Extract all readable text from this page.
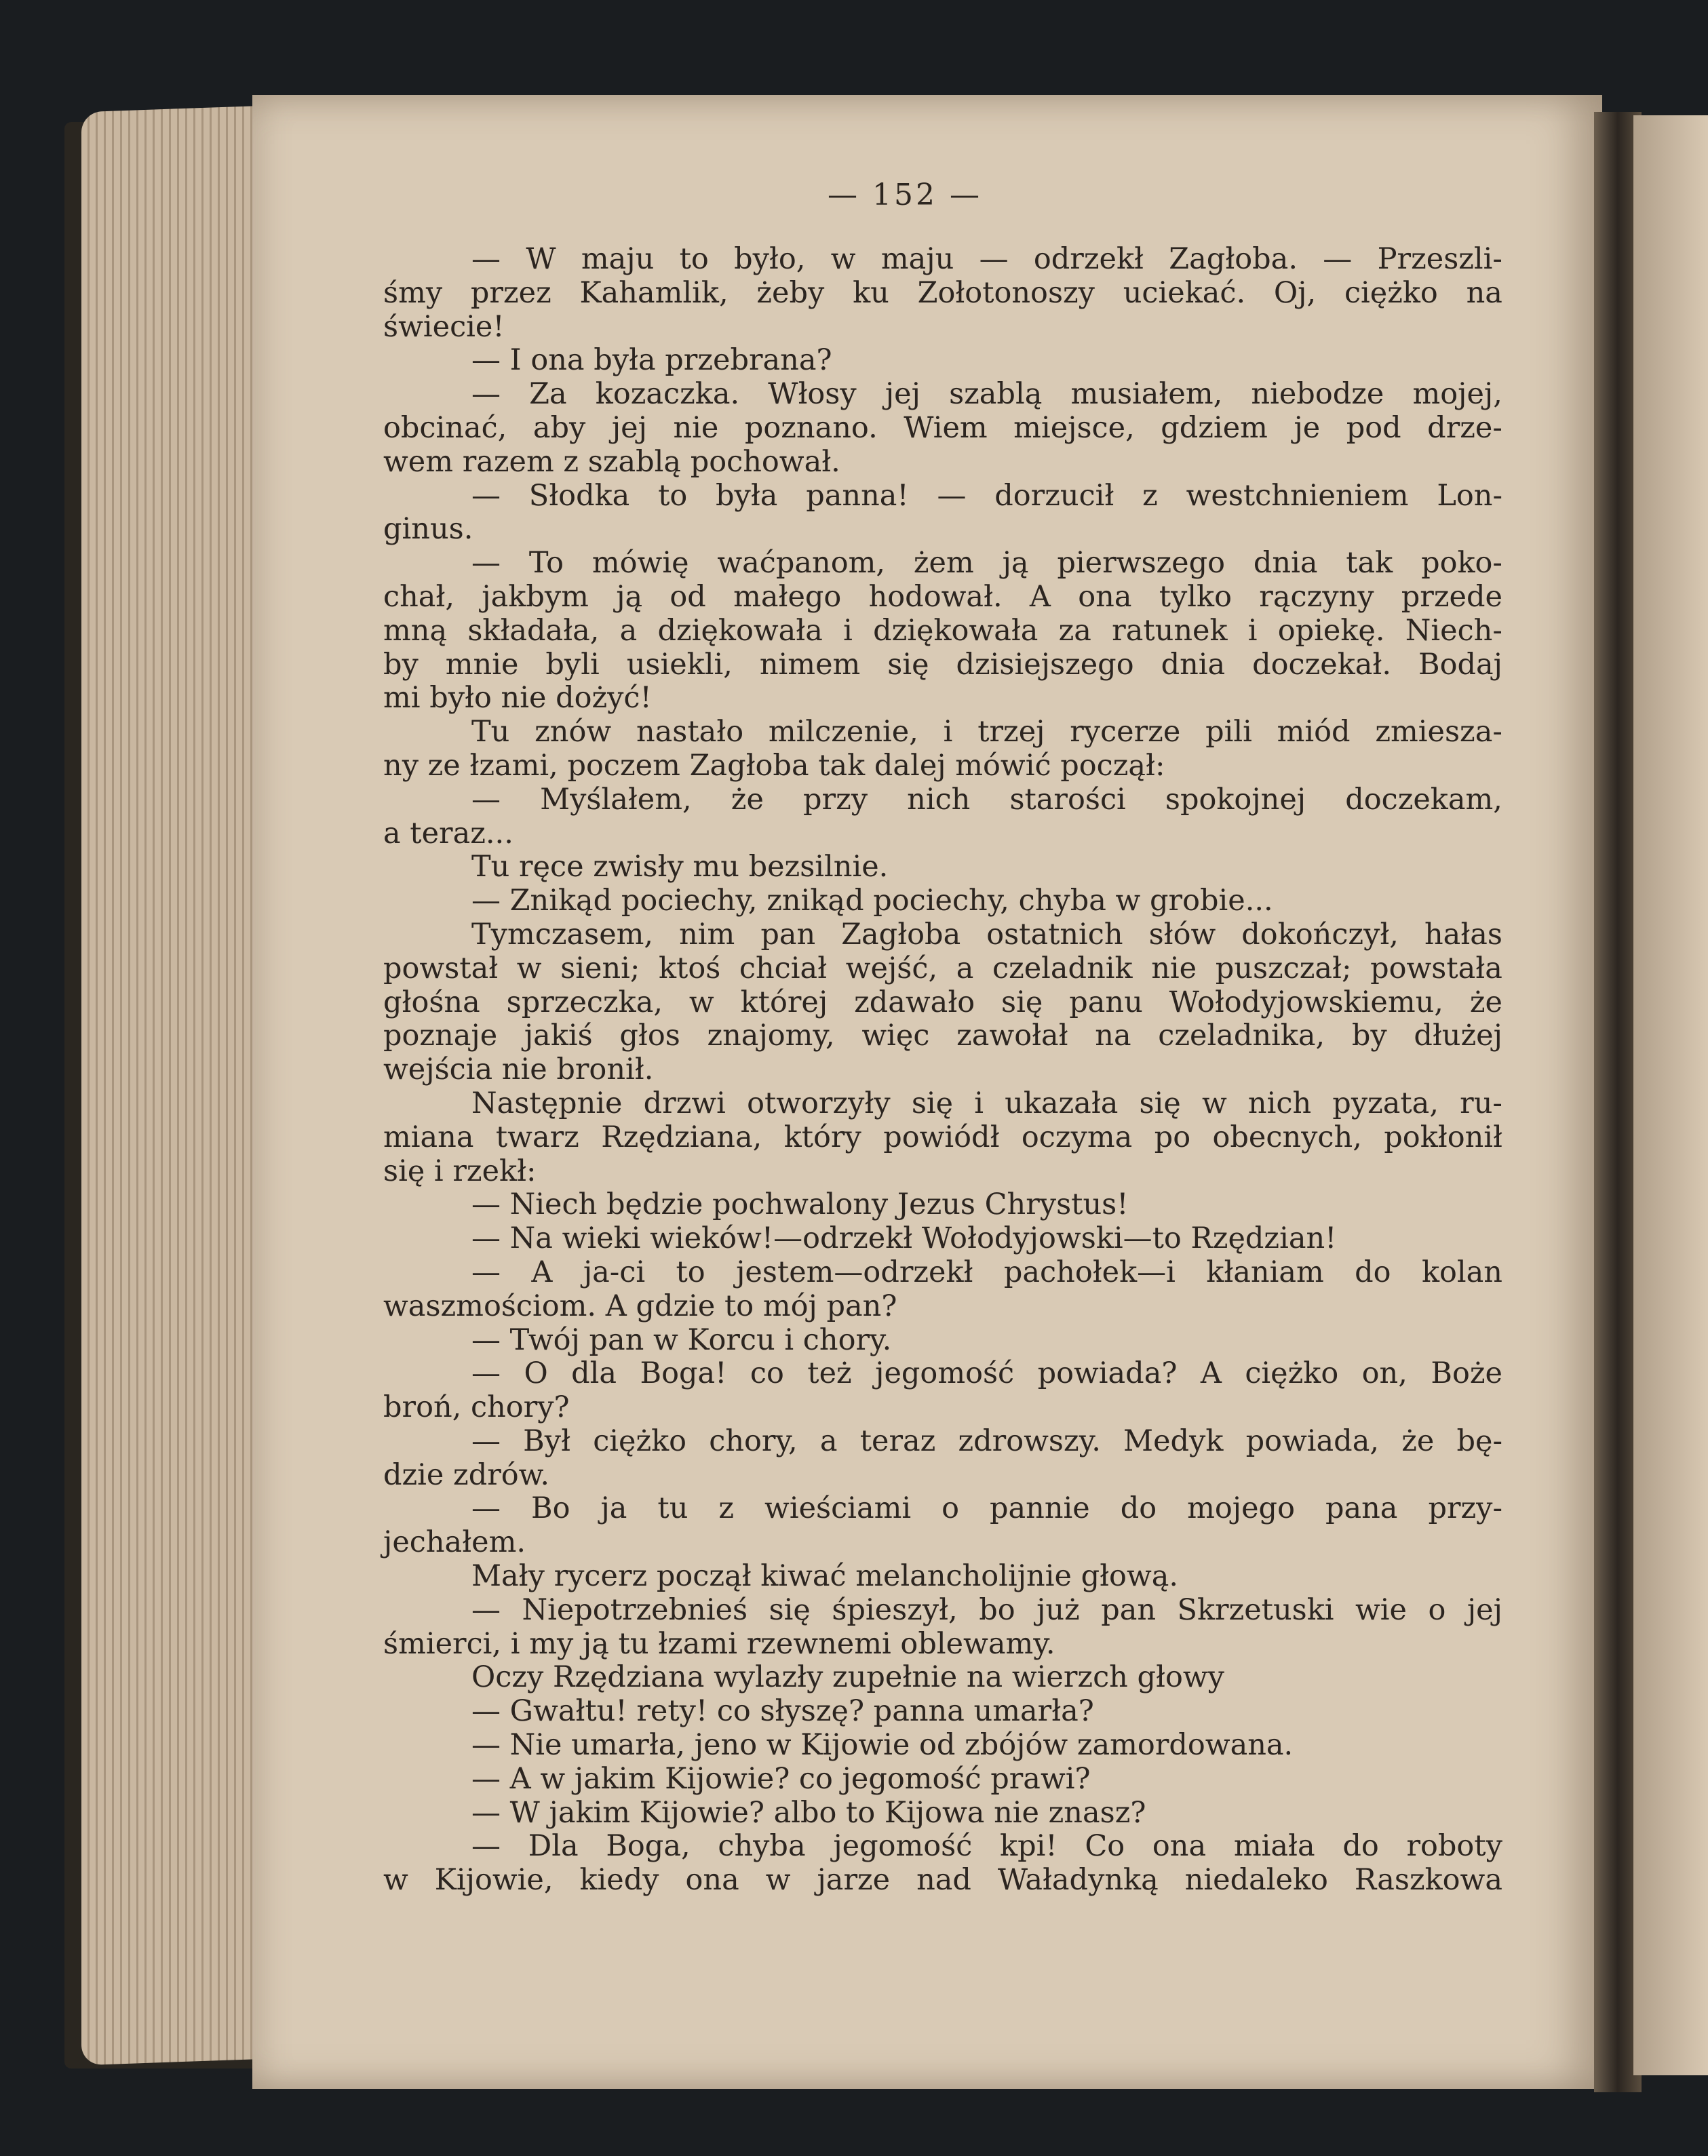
— 152 —
— W maju to było, w maju — odrzekł Zagłoba. — Przeszli-
śmy przez Kahamlik, żeby ku Zołotonoszy uciekać. Oj, ciężko na
świecie!
— I ona była przebrana?
— Za kozaczka. Włosy jej szablą musiałem, niebodze mojej,
obcinać, aby jej nie poznano. Wiem miejsce, gdziem je pod drze-
wem razem z szablą pochował.
— Słodka to była panna! — dorzucił z westchnieniem Lon-
ginus.
— To mówię waćpanom, żem ją pierwszego dnia tak poko-
chał, jakbym ją od małego hodował. A ona tylko rączyny przede
mną składała, a dziękowała i dziękowała za ratunek i opiekę. Niech-
by mnie byli usiekli, nimem się dzisiejszego dnia doczekał. Bodaj
mi było nie dożyć!
Tu znów nastało milczenie, i trzej rycerze pili miód zmiesza-
ny ze łzami, poczem Zagłoba tak dalej mówić począł:
— Myślałem, że przy nich starości spokojnej doczekam,
a teraz...
Tu ręce zwisły mu bezsilnie.
— Znikąd pociechy, znikąd pociechy, chyba w grobie...
Tymczasem, nim pan Zagłoba ostatnich słów dokończył, hałas
powstał w sieni; ktoś chciał wejść, a czeladnik nie puszczał; powstała
głośna sprzeczka, w której zdawało się panu Wołodyjowskiemu, że
poznaje jakiś głos znajomy, więc zawołał na czeladnika, by dłużej
wejścia nie bronił.
Następnie drzwi otworzyły się i ukazała się w nich pyzata, ru-
miana twarz Rzędziana, który powiódł oczyma po obecnych, pokłonił
się i rzekł:
— Niech będzie pochwalony Jezus Chrystus!
— Na wieki wieków!—odrzekł Wołodyjowski—to Rzędzian!
— A ja-ci to jestem—odrzekł pachołek—i kłaniam do kolan
waszmościom. A gdzie to mój pan?
— Twój pan w Korcu i chory.
— O dla Boga! co też jegomość powiada? A ciężko on, Boże
broń, chory?
— Był ciężko chory, a teraz zdrowszy. Medyk powiada, że bę-
dzie zdrów.
— Bo ja tu z wieściami o pannie do mojego pana przy-
jechałem.
Mały rycerz począł kiwać melancholijnie głową.
— Niepotrzebnieś się śpieszył, bo już pan Skrzetuski wie o jej
śmierci, i my ją tu łzami rzewnemi oblewamy.
Oczy Rzędziana wylazły zupełnie na wierzch głowy
— Gwałtu! rety! co słyszę? panna umarła?
— Nie umarła, jeno w Kijowie od zbójów zamordowana.
— A w jakim Kijowie? co jegomość prawi?
— W jakim Kijowie? albo to Kijowa nie znasz?
— Dla Boga, chyba jegomość kpi! Co ona miała do roboty
w Kijowie, kiedy ona w jarze nad Waładynką niedaleko Raszkowa
